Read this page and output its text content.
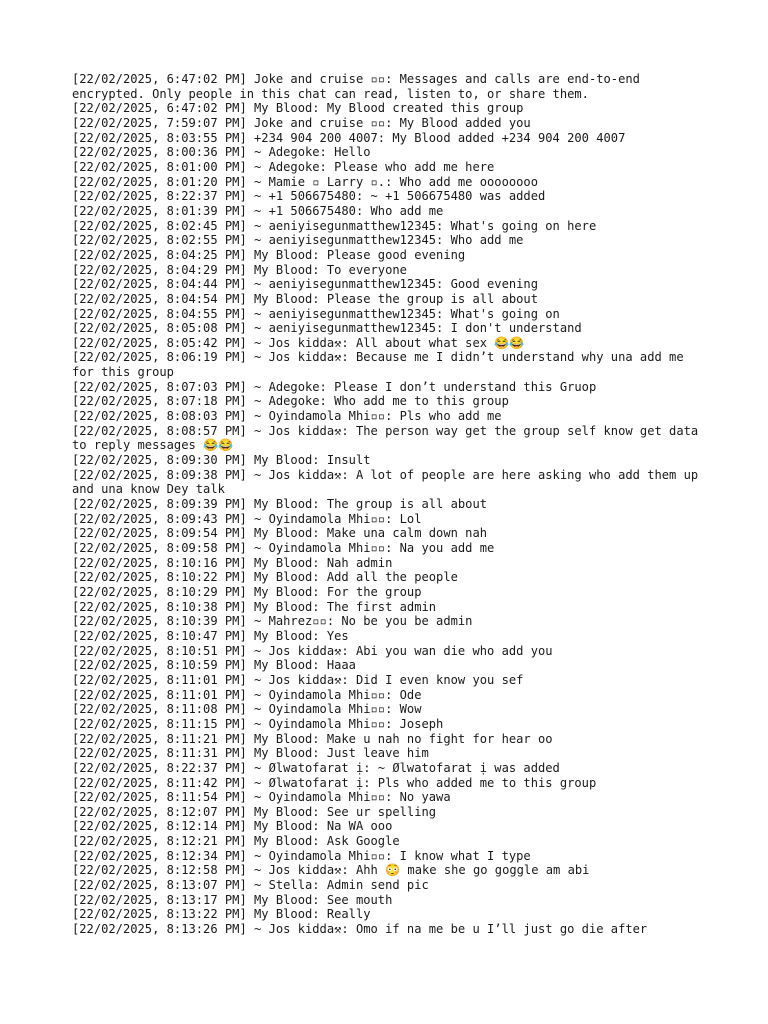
[22/02/2025, 6:47:02 PM] Joke and cruise ▫▫: Messages and calls are end-to-end encrypted. Only people in this chat can read, listen to, or share them.
[22/02/2025, 6:47:02 PM] My Blood: My Blood created this group
[22/02/2025, 7:59:07 PM] Joke and cruise ▫▫: My Blood added you
[22/02/2025, 8:03:55 PM] +234 904 200 4007: My Blood added +234 904 200 4007
[22/02/2025, 8:00:36 PM] ~ Adegoke: Hello
[22/02/2025, 8:01:00 PM] ~ Adegoke: Please who add me here
[22/02/2025, 8:01:20 PM] ~ Mamie ▫ Larry ▫.: Who add me oooooooo
[22/02/2025, 8:22:37 PM] ~ +1 506675480: ~ +1 506675480 was added
[22/02/2025, 8:01:39 PM] ~ +1 506675480: Who add me
[22/02/2025, 8:02:45 PM] ~ aeniyisegunmatthew12345: What's going on here
[22/02/2025, 8:02:55 PM] ~ aeniyisegunmatthew12345: Who add me
[22/02/2025, 8:04:25 PM] My Blood: Please good evening
[22/02/2025, 8:04:29 PM] My Blood: To everyone
[22/02/2025, 8:04:44 PM] ~ aeniyisegunmatthew12345: Good evening
[22/02/2025, 8:04:54 PM] My Blood: Please the group is all about
[22/02/2025, 8:04:55 PM] ~ aeniyisegunmatthew12345: What's going on
[22/02/2025, 8:05:08 PM] ~ aeniyisegunmatthew12345: I don't understand
[22/02/2025, 8:05:42 PM] ~ Jos kidda⚒: All about what sex 😂😂
[22/02/2025, 8:06:19 PM] ~ Jos kidda⚒: Because me I didn’t understand why una add me for this group
[22/02/2025, 8:07:03 PM] ~ Adegoke: Please I don’t understand this Gruop
[22/02/2025, 8:07:18 PM] ~ Adegoke: Who add me to this group
[22/02/2025, 8:08:03 PM] ~ Oyindamola Mhi▫▫: Pls who add me
[22/02/2025, 8:08:57 PM] ~ Jos kidda⚒: The person way get the group self know get data to reply messages 😂😂
[22/02/2025, 8:09:30 PM] My Blood: Insult
[22/02/2025, 8:09:38 PM] ~ Jos kidda⚒: A lot of people are here asking who add them up and una know Dey talk
[22/02/2025, 8:09:39 PM] My Blood: The group is all about
[22/02/2025, 8:09:43 PM] ~ Oyindamola Mhi▫▫: Lol
[22/02/2025, 8:09:54 PM] My Blood: Make una calm down nah
[22/02/2025, 8:09:58 PM] ~ Oyindamola Mhi▫▫: Na you add me
[22/02/2025, 8:10:16 PM] My Blood: Nah admin
[22/02/2025, 8:10:22 PM] My Blood: Add all the people
[22/02/2025, 8:10:29 PM] My Blood: For the group
[22/02/2025, 8:10:38 PM] My Blood: The first admin
[22/02/2025, 8:10:39 PM] ~ Mahrez▫▫: No be you be admin
[22/02/2025, 8:10:47 PM] My Blood: Yes
[22/02/2025, 8:10:51 PM] ~ Jos kidda⚒: Abi you wan die who add you
[22/02/2025, 8:10:59 PM] My Blood: Haaa
[22/02/2025, 8:11:01 PM] ~ Jos kidda⚒: Did I even know you sef
[22/02/2025, 8:11:01 PM] ~ Oyindamola Mhi▫▫: Ode
[22/02/2025, 8:11:08 PM] ~ Oyindamola Mhi▫▫: Wow
[22/02/2025, 8:11:15 PM] ~ Oyindamola Mhi▫▫: Joseph
[22/02/2025, 8:11:21 PM] My Blood: Make u nah no fight for hear oo
[22/02/2025, 8:11:31 PM] My Blood: Just leave him
[22/02/2025, 8:22:37 PM] ~ Ølwatofarat ị: ~ Ølwatofarat ị was added
[22/02/2025, 8:11:42 PM] ~ Ølwatofarat ị: Pls who added me to this group
[22/02/2025, 8:11:54 PM] ~ Oyindamola Mhi▫▫: No yawa
[22/02/2025, 8:12:07 PM] My Blood: See ur spelling
[22/02/2025, 8:12:14 PM] My Blood: Na WA ooo
[22/02/2025, 8:12:21 PM] My Blood: Ask Google
[22/02/2025, 8:12:34 PM] ~ Oyindamola Mhi▫▫: I know what I type
[22/02/2025, 8:12:58 PM] ~ Jos kidda⚒: Ahh 😳 make she go goggle am abi
[22/02/2025, 8:13:07 PM] ~ Stella: Admin send pic
[22/02/2025, 8:13:17 PM] My Blood: See mouth
[22/02/2025, 8:13:22 PM] My Blood: Really
[22/02/2025, 8:13:26 PM] ~ Jos kidda⚒: Omo if na me be u I’ll just go die after
